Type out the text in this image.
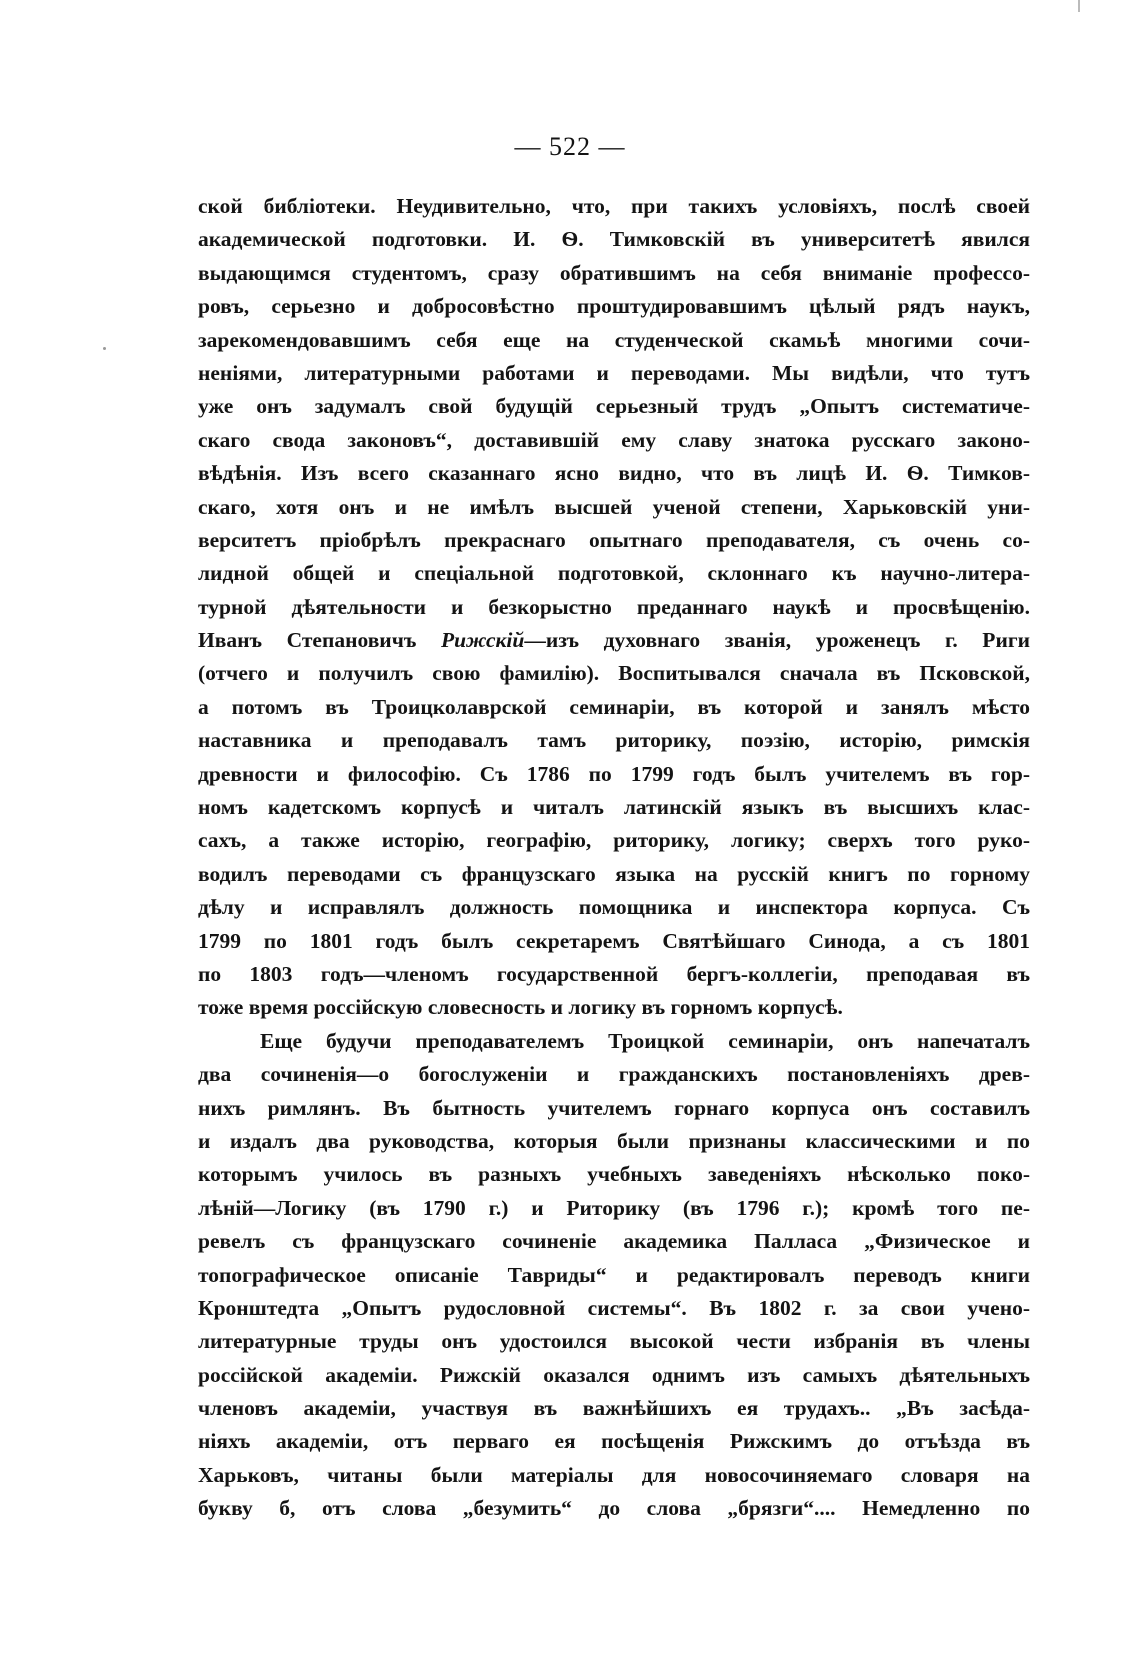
— 522 —
ской библіотеки. Неудивительно, что, при такихъ условіяхъ, послѣ своей
академической подготовки. И. Ѳ. Тимковскій въ университетѣ явился
выдающимся студентомъ, сразу обратившимъ на себя вниманіе профессо-
ровъ, серьезно и добросовѣстно проштудировавшимъ цѣлый рядъ наукъ,
зарекомендовавшимъ себя еще на студенческой скамьѣ многими сочи-
неніями, литературными работами и переводами. Мы видѣли, что тутъ
уже онъ задумалъ свой будущій серьезный трудъ „Опытъ систематиче-
скаго свода законовъ“, доставившій ему славу знатока русскаго законо-
вѣдѣнія. Изъ всего сказаннаго ясно видно, что въ лицѣ И. Ѳ. Тимков-
скаго, хотя онъ и не имѣлъ высшей ученой степени, Харьковскій уни-
верситетъ пріобрѣлъ прекраснаго опытнаго преподавателя, съ очень со-
лидной общей и спеціальной подготовкой, склоннаго къ научно-литера-
турной дѣятельности и безкорыстно преданнаго наукѣ и просвѣщенію.
Иванъ Степановичъ Рижскій—изъ духовнаго званія, уроженецъ г. Риги
(отчего и получилъ свою фамилію). Воспитывался сначала въ Псковской,
а потомъ въ Троицколаврской семинаріи, въ которой и занялъ мѣсто
наставника и преподавалъ тамъ риторику, поэзію, исторію, римскія
древности и философію. Съ 1786 по 1799 годъ былъ учителемъ въ гор-
номъ кадетскомъ корпусѣ и читалъ латинскій языкъ въ высшихъ клас-
сахъ, а также исторію, географію, риторику, логику; сверхъ того руко-
водилъ переводами съ французскаго языка на русскій книгъ по горному
дѣлу и исправлялъ должность помощника и инспектора корпуса. Съ
1799 по 1801 годъ былъ секретаремъ Святѣйшаго Синода, а съ 1801
по 1803 годъ—членомъ государственной бергъ-коллегіи, преподавая въ
тоже время россійскую словесность и логику въ горномъ корпусѣ.
Еще будучи преподавателемъ Троицкой семинаріи, онъ напечаталъ
два сочиненія—о богослуженіи и гражданскихъ постановленіяхъ древ-
нихъ римлянъ. Въ бытность учителемъ горнаго корпуса онъ составилъ
и издалъ два руководства, которыя были признаны классическими и по
которымъ училось въ разныхъ учебныхъ заведеніяхъ нѣсколько поко-
лѣній—Логику (въ 1790 г.) и Риторику (въ 1796 г.); кромѣ того пе-
ревелъ съ французскаго сочиненіе академика Палласа „Физическое и
топографическое описаніе Тавриды“ и редактировалъ переводъ книги
Кронштедта „Опытъ рудословной системы“. Въ 1802 г. за свои учено-
литературные труды онъ удостоился высокой чести избранія въ члены
россійской академіи. Рижскій оказался однимъ изъ самыхъ дѣятельныхъ
членовъ академіи, участвуя въ важнѣйшихъ ея трудахъ.. „Въ засѣда-
ніяхъ академіи, отъ перваго ея посѣщенія Рижскимъ до отъѣзда въ
Харьковъ, читаны были матеріалы для новосочиняемаго словаря на
букву б, отъ слова „безумить“ до слова „брязги“.... Немедленно по
